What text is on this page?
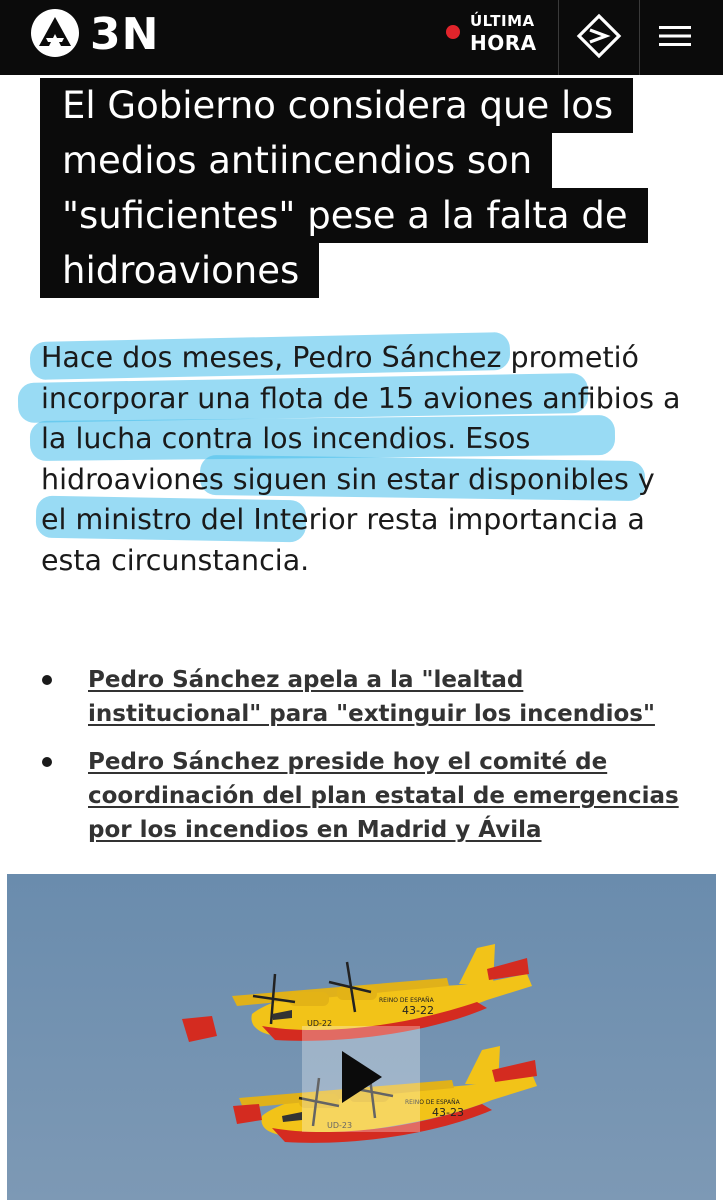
3N	ÚLTIMA
HORA
El Gobierno considera que los medios antiincendios son "suficientes" pese a la falta de hidroaviones

Hace dos meses, Pedro Sánchez prometió incorporar una flota de 15 aviones anfibios a la lucha contra los incendios. Esos hidroaviones siguen sin estar disponibles y el ministro del Interior resta importancia a esta circunstancia.

Pedro Sánchez apela a la "lealtad institucional" para "extinguir los incendios"
Pedro Sánchez preside hoy el comité de coordinación del plan estatal de emergencias por los incendios en Madrid y Ávila
43-22
REINO DE ESPAÑA
UD-22
43-23
REINO DE ESPAÑA
UD-23
